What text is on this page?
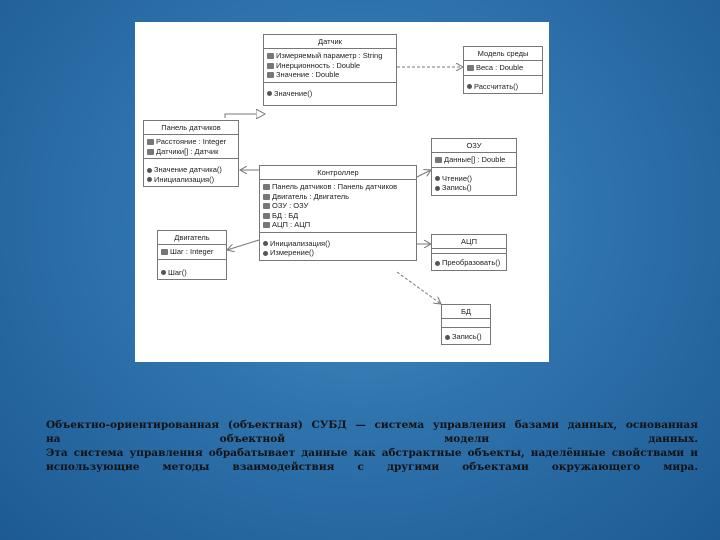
Датчик
Измеряемый параметр : String
Инерционность : Double
Значение : Double
Значение()
Модель среды
Веса : Double
Рассчитать()
Панель датчиков
Расстояние : Integer
Датчики[] : Датчик
Значение датчика()
Инициализация()
ОЗУ
Данные[] : Double
Чтение()
Запись()
Контроллер
Панель датчиков : Панель датчиков
Двигатель : Двигатель
ОЗУ : ОЗУ
БД : БД
АЦП : АЦП
Инициализация()
Измерение()
Двигатель
Шаг : Integer
Шаг()
АЦП
Преобразовать()
БД
Запись()

Объектно-ориентированная (объектная) СУБД — система управления базами данных, основанная

на объектной модели данных.

Эта система управления обрабатывает данные как абстрактные объекты, наделённые свойствами и

использующие методы взаимодействия с другими объектами окружающего мира.
